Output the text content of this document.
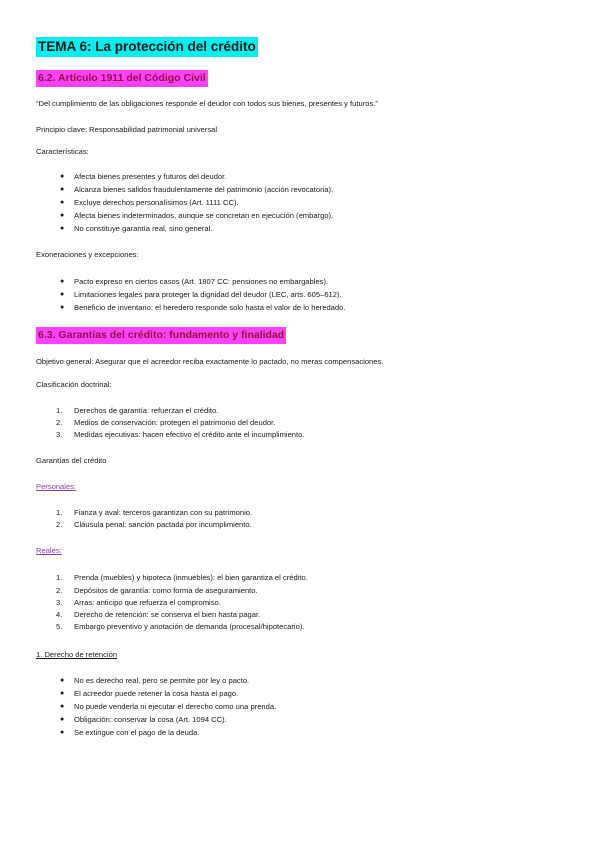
TEMA 6: La protección del crédito
6.2. Artículo 1911 del Código Civil
“Del cumplimiento de las obligaciones responde el deudor con todos sus bienes, presentes y futuros.”
Principio clave: Responsabilidad patrimonial universal
Características:
● Afecta bienes presentes y futuros del deudor.
● Alcanza bienes salidos fraudulentamente del patrimonio (acción revocatoria).
● Excluye derechos personalísimos (Art. 1111 CC).
● Afecta bienes indeterminados, aunque se concretan en ejecución (embargo).
● No constituye garantía real, sino general.
Exoneraciones y excepciones:
● Pacto expreso en ciertos casos (Art. 1807 CC: pensiones no embargables).
● Limitaciones legales para proteger la dignidad del deudor (LEC, arts. 605–612).
● Beneficio de inventario: el heredero responde solo hasta el valor de lo heredado.
6.3. Garantías del crédito: fundamento y finalidad
Objetivo general: Asegurar que el acreedor reciba exactamente lo pactado, no meras compensaciones.
Clasificación doctrinal:
1. Derechos de garantía: refuerzan el crédito.
2. Medios de conservación: protegen el patrimonio del deudor.
3. Medidas ejecutivas: hacen efectivo el crédito ante el incumplimiento.
Garantías del crédito
Personales:
1. Fianza y aval: terceros garantizan con su patrimonio.
2. Cláusula penal: sanción pactada por incumplimiento.
Reales:
1. Prenda (muebles) y hipoteca (inmuebles): el bien garantiza el crédito.
2. Depósitos de garantía: como forma de aseguramiento.
3. Arras: anticipo que refuerza el compromiso.
4. Derecho de retención: se conserva el bien hasta pagar.
5. Embargo preventivo y anotación de demanda (procesal/hipotecario).
1. Derecho de retención
● No es derecho real, pero se permite por ley o pacto.
● El acreedor puede retener la cosa hasta el pago.
● No puede venderla ni ejecutar el derecho como una prenda.
● Obligación: conservar la cosa (Art. 1094 CC).
● Se extingue con el pago de la deuda.
